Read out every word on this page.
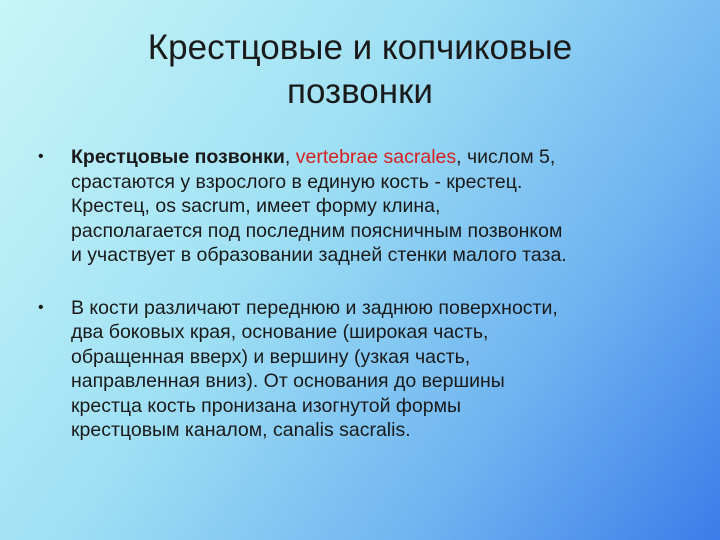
Крестцовые и копчиковые
позвонки
• Крестцовые позвонки, vertebrae sacrales, числом 5,
срастаются у взрослого в единую кость - крестец.
Крестец, os sacrum, имеет форму клина,
располагается под последним поясничным позвонком
и участвует в образовании задней стенки малого таза.
• В кости различают переднюю и заднюю поверхности,
два боковых края, основание (широкая часть,
обращенная вверх) и вершину (узкая часть,
направленная вниз). От основания до вершины
крестца кость пронизана изогнутой формы
крестцовым каналом, canalis sacralis.
